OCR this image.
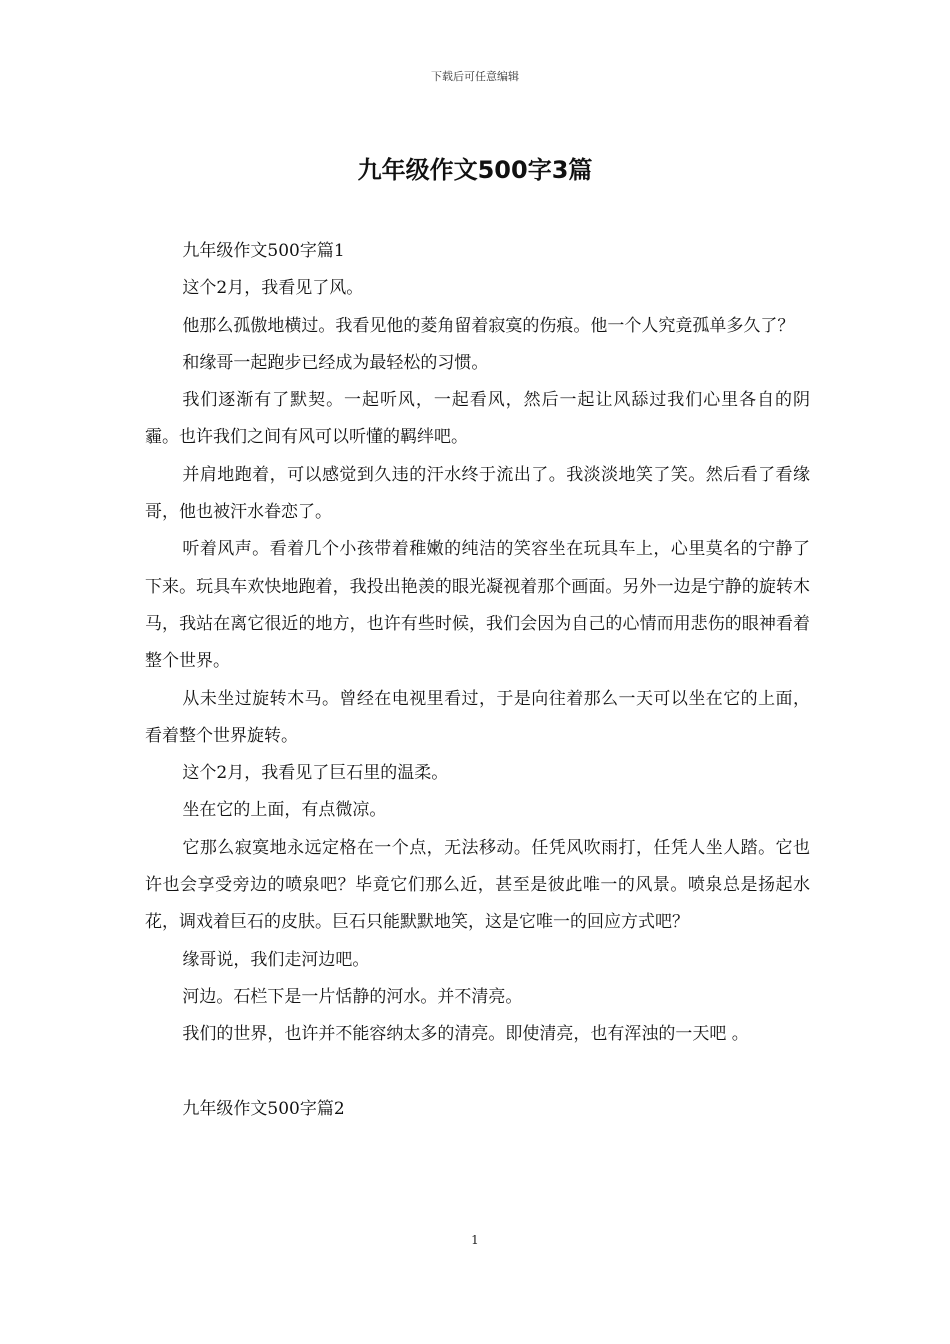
下载后可任意编辑
九年级作文500字3篇

九年级作文500字篇1

这个2月，我看见了风。

他那么孤傲地横过。我看见他的菱角留着寂寞的伤痕。他一个人究竟孤单多久了？

和缘哥一起跑步已经成为最轻松的习惯。

我们逐渐有了默契。一起听风，一起看风，然后一起让风舔过我们心里各自的阴霾。也许我们之间有风可以听懂的羁绊吧。

并肩地跑着，可以感觉到久违的汗水终于流出了。我淡淡地笑了笑。然后看了看缘哥，他也被汗水眷恋了。

听着风声。看着几个小孩带着稚嫩的纯洁的笑容坐在玩具车上，心里莫名的宁静了下来。玩具车欢快地跑着，我投出艳羡的眼光凝视着那个画面。另外一边是宁静的旋转木马，我站在离它很近的地方，也许有些时候，我们会因为自己的心情而用悲伤的眼神看着整个世界。

从未坐过旋转木马。曾经在电视里看过，于是向往着那么一天可以坐在它的上面，看着整个世界旋转。

这个2月，我看见了巨石里的温柔。

坐在它的上面，有点微凉。

它那么寂寞地永远定格在一个点，无法移动。任凭风吹雨打，任凭人坐人踏。它也许也会享受旁边的喷泉吧？毕竟它们那么近，甚至是彼此唯一的风景。喷泉总是扬起水花，调戏着巨石的皮肤。巨石只能默默地笑，这是它唯一的回应方式吧？

缘哥说，我们走河边吧。

河边。石栏下是一片恬静的河水。并不清亮。

我们的世界，也许并不能容纳太多的清亮。即使清亮，也有浑浊的一天吧 。

九年级作文500字篇2

1
